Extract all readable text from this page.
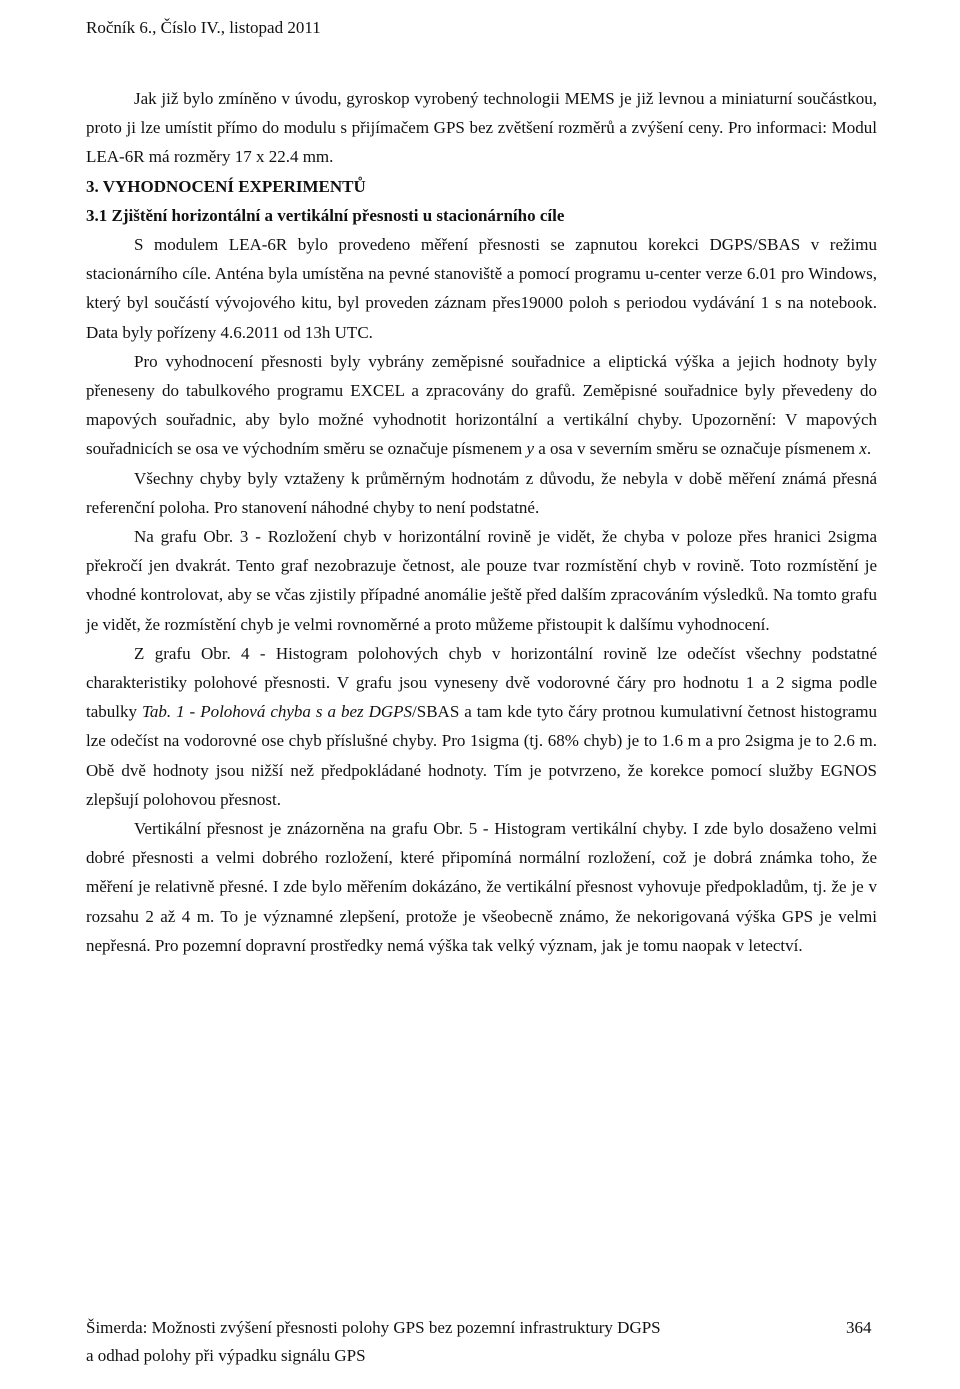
Ročník 6., Číslo IV., listopad 2011

Jak již bylo zmíněno v úvodu, gyroskop vyrobený technologii MEMS je již levnou a miniaturní součástkou, proto ji lze umístit přímo do modulu s přijímačem GPS bez zvětšení rozměrů a zvýšení ceny. Pro informaci: Modul LEA-6R má rozměry 17 x 22.4 mm.

3. VYHODNOCENÍ EXPERIMENTŮ

3.1 Zjištění horizontální a vertikální přesnosti u stacionárního cíle

S modulem LEA-6R bylo provedeno měření přesnosti se zapnutou korekci DGPS/SBAS v režimu stacionárního cíle. Anténa byla umístěna na pevné stanoviště a pomocí programu u-center verze 6.01 pro Windows, který byl součástí vývojového kitu, byl proveden záznam přes19000 poloh s periodou vydávání 1 s na notebook. Data byly pořízeny 4.6.2011 od 13h UTC.

Pro vyhodnocení přesnosti byly vybrány zeměpisné souřadnice a eliptická výška a jejich hodnoty byly přeneseny do tabulkového programu EXCEL a zpracovány do grafů. Zeměpisné souřadnice byly převedeny do mapových souřadnic, aby bylo možné vyhodnotit horizontální a vertikální chyby. Upozornění: V mapových souřadnicích se osa ve východním směru se označuje písmenem y a osa v severním směru se označuje písmenem x.

Všechny chyby byly vztaženy k průměrným hodnotám z důvodu, že nebyla v době měření známá přesná referenční poloha. Pro stanovení náhodné chyby to není podstatné.

Na grafu Obr. 3 - Rozložení chyb v horizontální rovině je vidět, že chyba v poloze přes hranici 2sigma překročí jen dvakrát. Tento graf nezobrazuje četnost, ale pouze tvar rozmístění chyb v rovině. Toto rozmístění je vhodné kontrolovat, aby se včas zjistily případné anomálie ještě před dalším zpracováním výsledků. Na tomto grafu je vidět, že rozmístění chyb je velmi rovnoměrné a proto můžeme přistoupit k dalšímu vyhodnocení.

Z grafu Obr. 4 - Histogram polohových chyb v horizontální rovině lze odečíst všechny podstatné charakteristiky polohové přesnosti. V grafu jsou vyneseny dvě vodorovné čáry pro hodnotu 1 a 2 sigma podle tabulky Tab. 1 - Polohová chyba s a bez DGPS/SBAS a tam kde tyto čáry protnou kumulativní četnost histogramu lze odečíst na vodorovné ose chyb příslušné chyby. Pro 1sigma (tj. 68% chyb) je to 1.6 m a pro 2sigma je to 2.6 m. Obě dvě hodnoty jsou nižší než předpokládané hodnoty. Tím je potvrzeno, že korekce pomocí služby EGNOS zlepšují polohovou přesnost.

Vertikální přesnost je znázorněna na grafu Obr. 5 - Histogram vertikální chyby. I zde bylo dosaženo velmi dobré přesnosti a velmi dobrého rozložení, které připomíná normální rozložení, což je dobrá známka toho, že měření je relativně přesné. I zde bylo měřením dokázáno, že vertikální přesnost vyhovuje předpokladům, tj. že je v rozsahu 2 až 4 m. To je významné zlepšení, protože je všeobecně známo, že nekorigovaná výška GPS je velmi nepřesná. Pro pozemní dopravní prostředky nemá výška tak velký význam, jak je tomu naopak v letectví.

Šimerda: Možnosti zvýšení přesnosti polohy GPS bez pozemní infrastruktury DGPS
a odhad polohy při výpadku signálu GPS
364
